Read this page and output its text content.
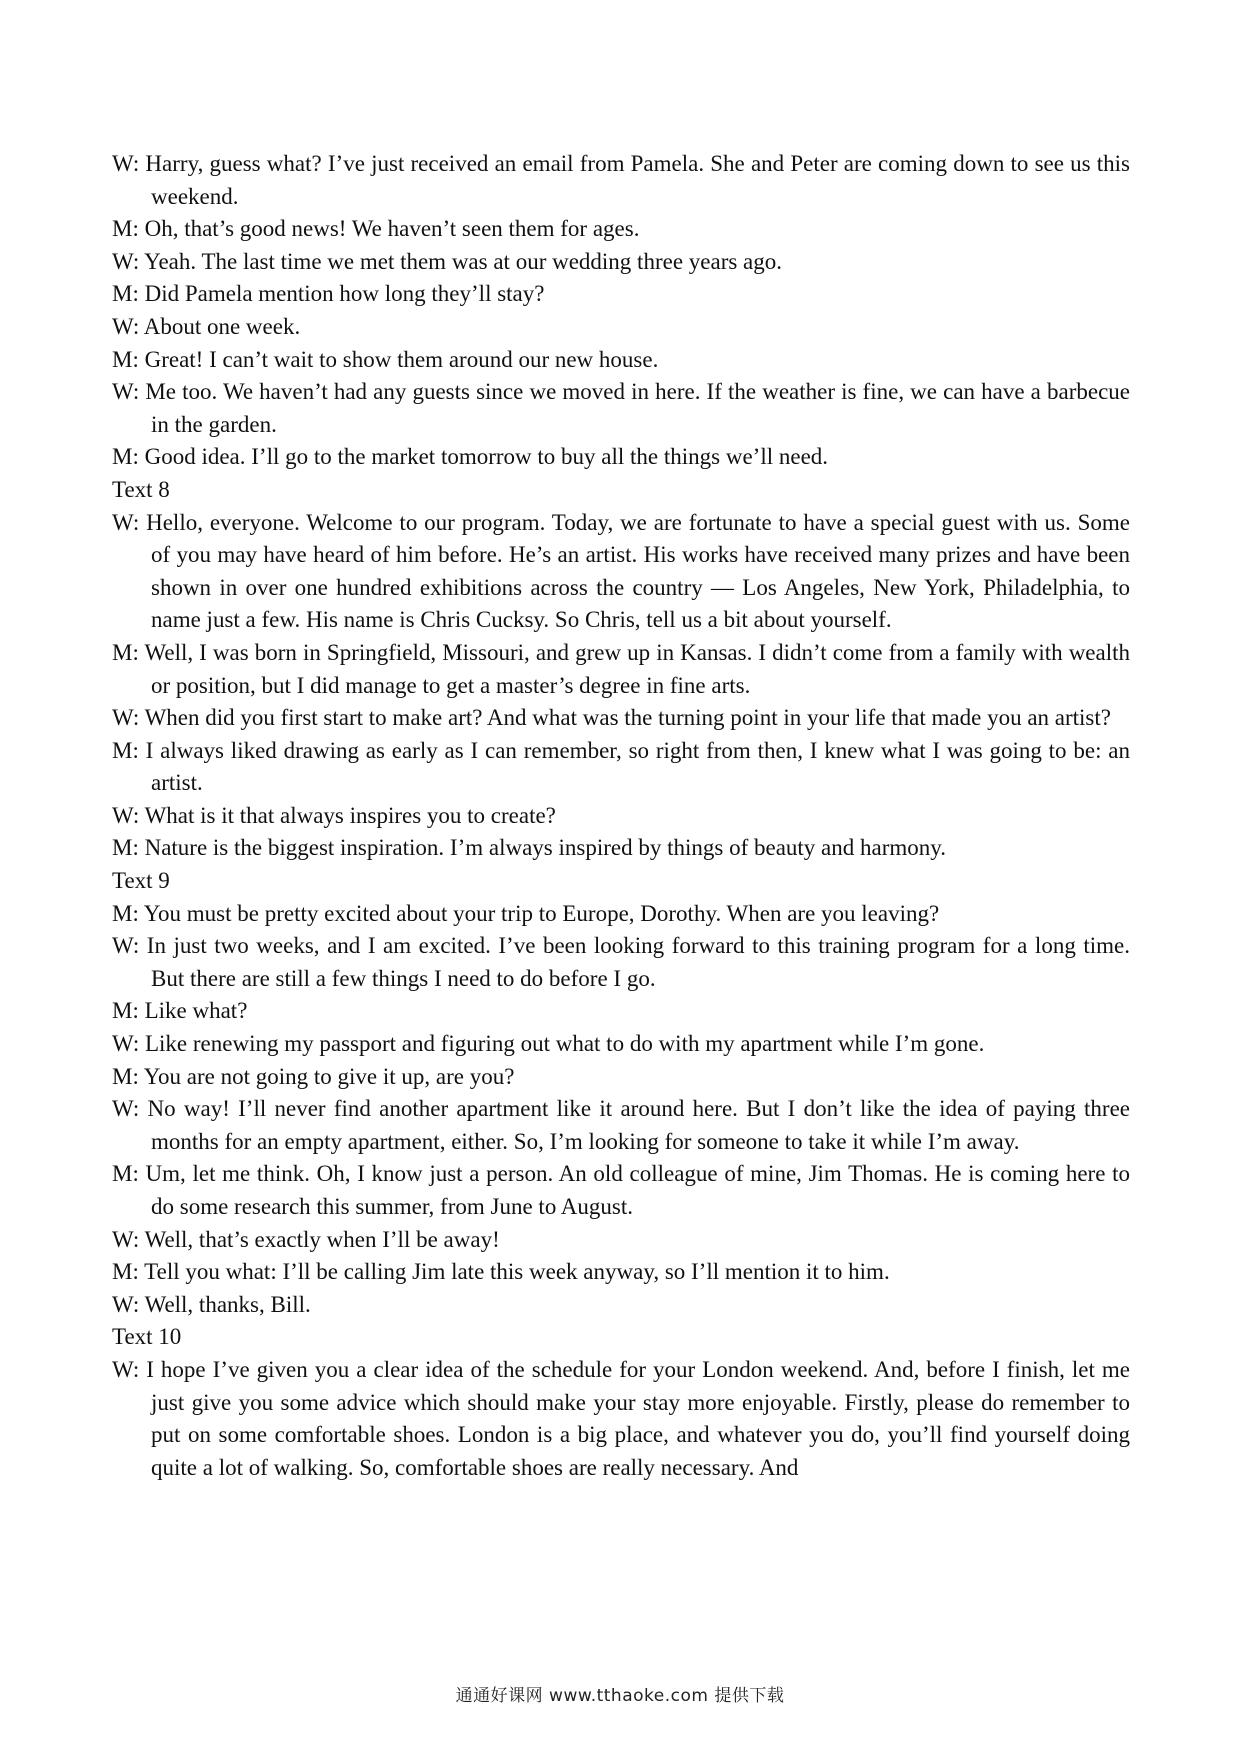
W: Harry, guess what? I’ve just received an email from Pamela. She and Peter are coming down to see us this weekend.
M: Oh, that’s good news! We haven’t seen them for ages.
W: Yeah. The last time we met them was at our wedding three years ago.
M: Did Pamela mention how long they’ll stay?
W: About one week.
M: Great! I can’t wait to show them around our new house.
W: Me too. We haven’t had any guests since we moved in here. If the weather is fine, we can have a barbecue in the garden.
M: Good idea. I’ll go to the market tomorrow to buy all the things we’ll need.
Text 8
W: Hello, everyone. Welcome to our program. Today, we are fortunate to have a special guest with us. Some of you may have heard of him before. He’s an artist. His works have received many prizes and have been shown in over one hundred exhibitions across the country — Los Angeles, New York, Philadelphia, to name just a few. His name is Chris Cucksy. So Chris, tell us a bit about yourself.
M: Well, I was born in Springfield, Missouri, and grew up in Kansas. I didn’t come from a family with wealth or position, but I did manage to get a master’s degree in fine arts.
W: When did you first start to make art? And what was the turning point in your life that made you an artist?
M: I always liked drawing as early as I can remember, so right from then, I knew what I was going to be: an artist.
W: What is it that always inspires you to create?
M: Nature is the biggest inspiration. I’m always inspired by things of beauty and harmony.
Text 9
M: You must be pretty excited about your trip to Europe, Dorothy. When are you leaving?
W: In just two weeks, and I am excited. I’ve been looking forward to this training program for a long time. But there are still a few things I need to do before I go.
M: Like what?
W: Like renewing my passport and figuring out what to do with my apartment while I’m gone.
M: You are not going to give it up, are you?
W: No way! I’ll never find another apartment like it around here. But I don’t like the idea of paying three months for an empty apartment, either. So, I’m looking for someone to take it while I’m away.
M: Um, let me think. Oh, I know just a person. An old colleague of mine, Jim Thomas. He is coming here to do some research this summer, from June to August.
W: Well, that’s exactly when I’ll be away!
M: Tell you what: I’ll be calling Jim late this week anyway, so I’ll mention it to him.
W: Well, thanks, Bill.
Text 10
W: I hope I’ve given you a clear idea of the schedule for your London weekend. And, before I finish, let me just give you some advice which should make your stay more enjoyable. Firstly, please do remember to put on some comfortable shoes. London is a big place, and whatever you do, you’ll find yourself doing quite a lot of walking. So, comfortable shoes are really necessary. And
通通好课网 www.tthaoke.com 提供下载
